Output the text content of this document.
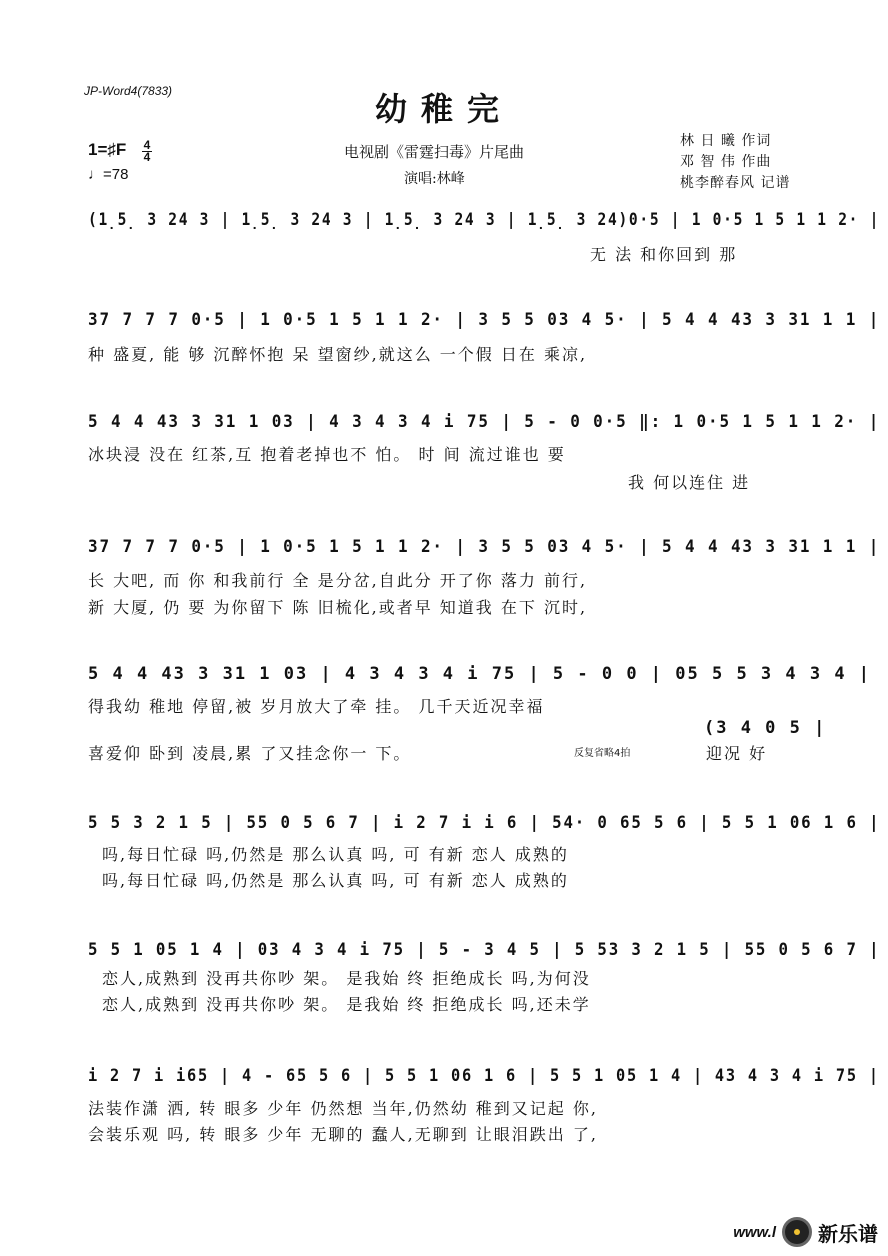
JP-Word4(7833)	幼稚完
电视剧《雷霆扫毒》片尾曲
演唱:林峰
林 日 曦 作词
邓 智 伟 作曲
桃李醉春风 记谱
1=♯F 4
4
♩=78
(1̣5̣ 3 24 3 | 1̣5̣ 3 24 3 | 1̣5̣ 3 24 3 | 1̣5̣ 3 24)0·5 | 1 0·5 1 5 1 1 2· |
无 法 和你回到 那
37 7 7 7 0·5 | 1 0·5 1 5 1 1 2· | 3 5 5 03 4 5· | 5 4 4 43 3 31 1 1 |
种 盛夏, 能 够 沉醉怀抱 呆 望窗纱,就这么 一个假 日在 乘凉,
5 4 4 43 3 31 1 03 | 4 3 4 3 4 i 75 | 5 - 0 0·5 ‖: 1 0·5 1 5 1 1 2· |
冰块浸 没在 红茶,互 抱着老掉也不 怕。 时 间 流过谁也 要
我 何以连住 进
37 7 7 7 0·5 | 1 0·5 1 5 1 1 2· | 3 5 5 03 4 5· | 5 4 4 43 3 31 1 1 |
长 大吧, 而 你 和我前行 全 是分岔,自此分 开了你 落力 前行,
新 大厦, 仍 要 为你留下 陈 旧梳化,或者早 知道我 在下 沉时,
5 4 4 43 3 31 1 03 | 4 3 4 3 4 i 75 | 5 - 0 0 | 05 5 5 3 4 3 4 |
得我幼 稚地 停留,被 岁月放大了牵 挂。 几千天近况幸福
(3 4 0 5 |
喜爱仰 卧到 凌晨,累 了又挂念你一 下。	反复省略4拍	迎况 好
5 5 3 2 1 5 | 55 0 5 6 7 | i 2 7 i i 6 | 54· 0 65 5 6 | 5 5 1 06 1 6 |
吗,每日忙碌 吗,仍然是 那么认真 吗, 可 有新 恋人 成熟的
吗,每日忙碌 吗,仍然是 那么认真 吗, 可 有新 恋人 成熟的
5 5 1 05 1 4 | 03 4 3 4 i 75 | 5 - 3 4 5 | 5 53 3 2 1 5 | 55 0 5 6 7 |
恋人,成熟到 没再共你吵 架。 是我始 终 拒绝成长 吗,为何没
恋人,成熟到 没再共你吵 架。 是我始 终 拒绝成长 吗,还未学
i 2 7 i i65 | 4 - 65 5 6 | 5 5 1 06 1 6 | 5 5 1 05 1 4 | 43 4 3 4 i 75 |
法装作潇 洒, 转 眼多 少年 仍然想 当年,仍然幼 稚到又记起 你,
会装乐观 吗, 转 眼多 少年 无聊的 蠢人,无聊到 让眼泪跌出 了,
www.l 新乐谱
